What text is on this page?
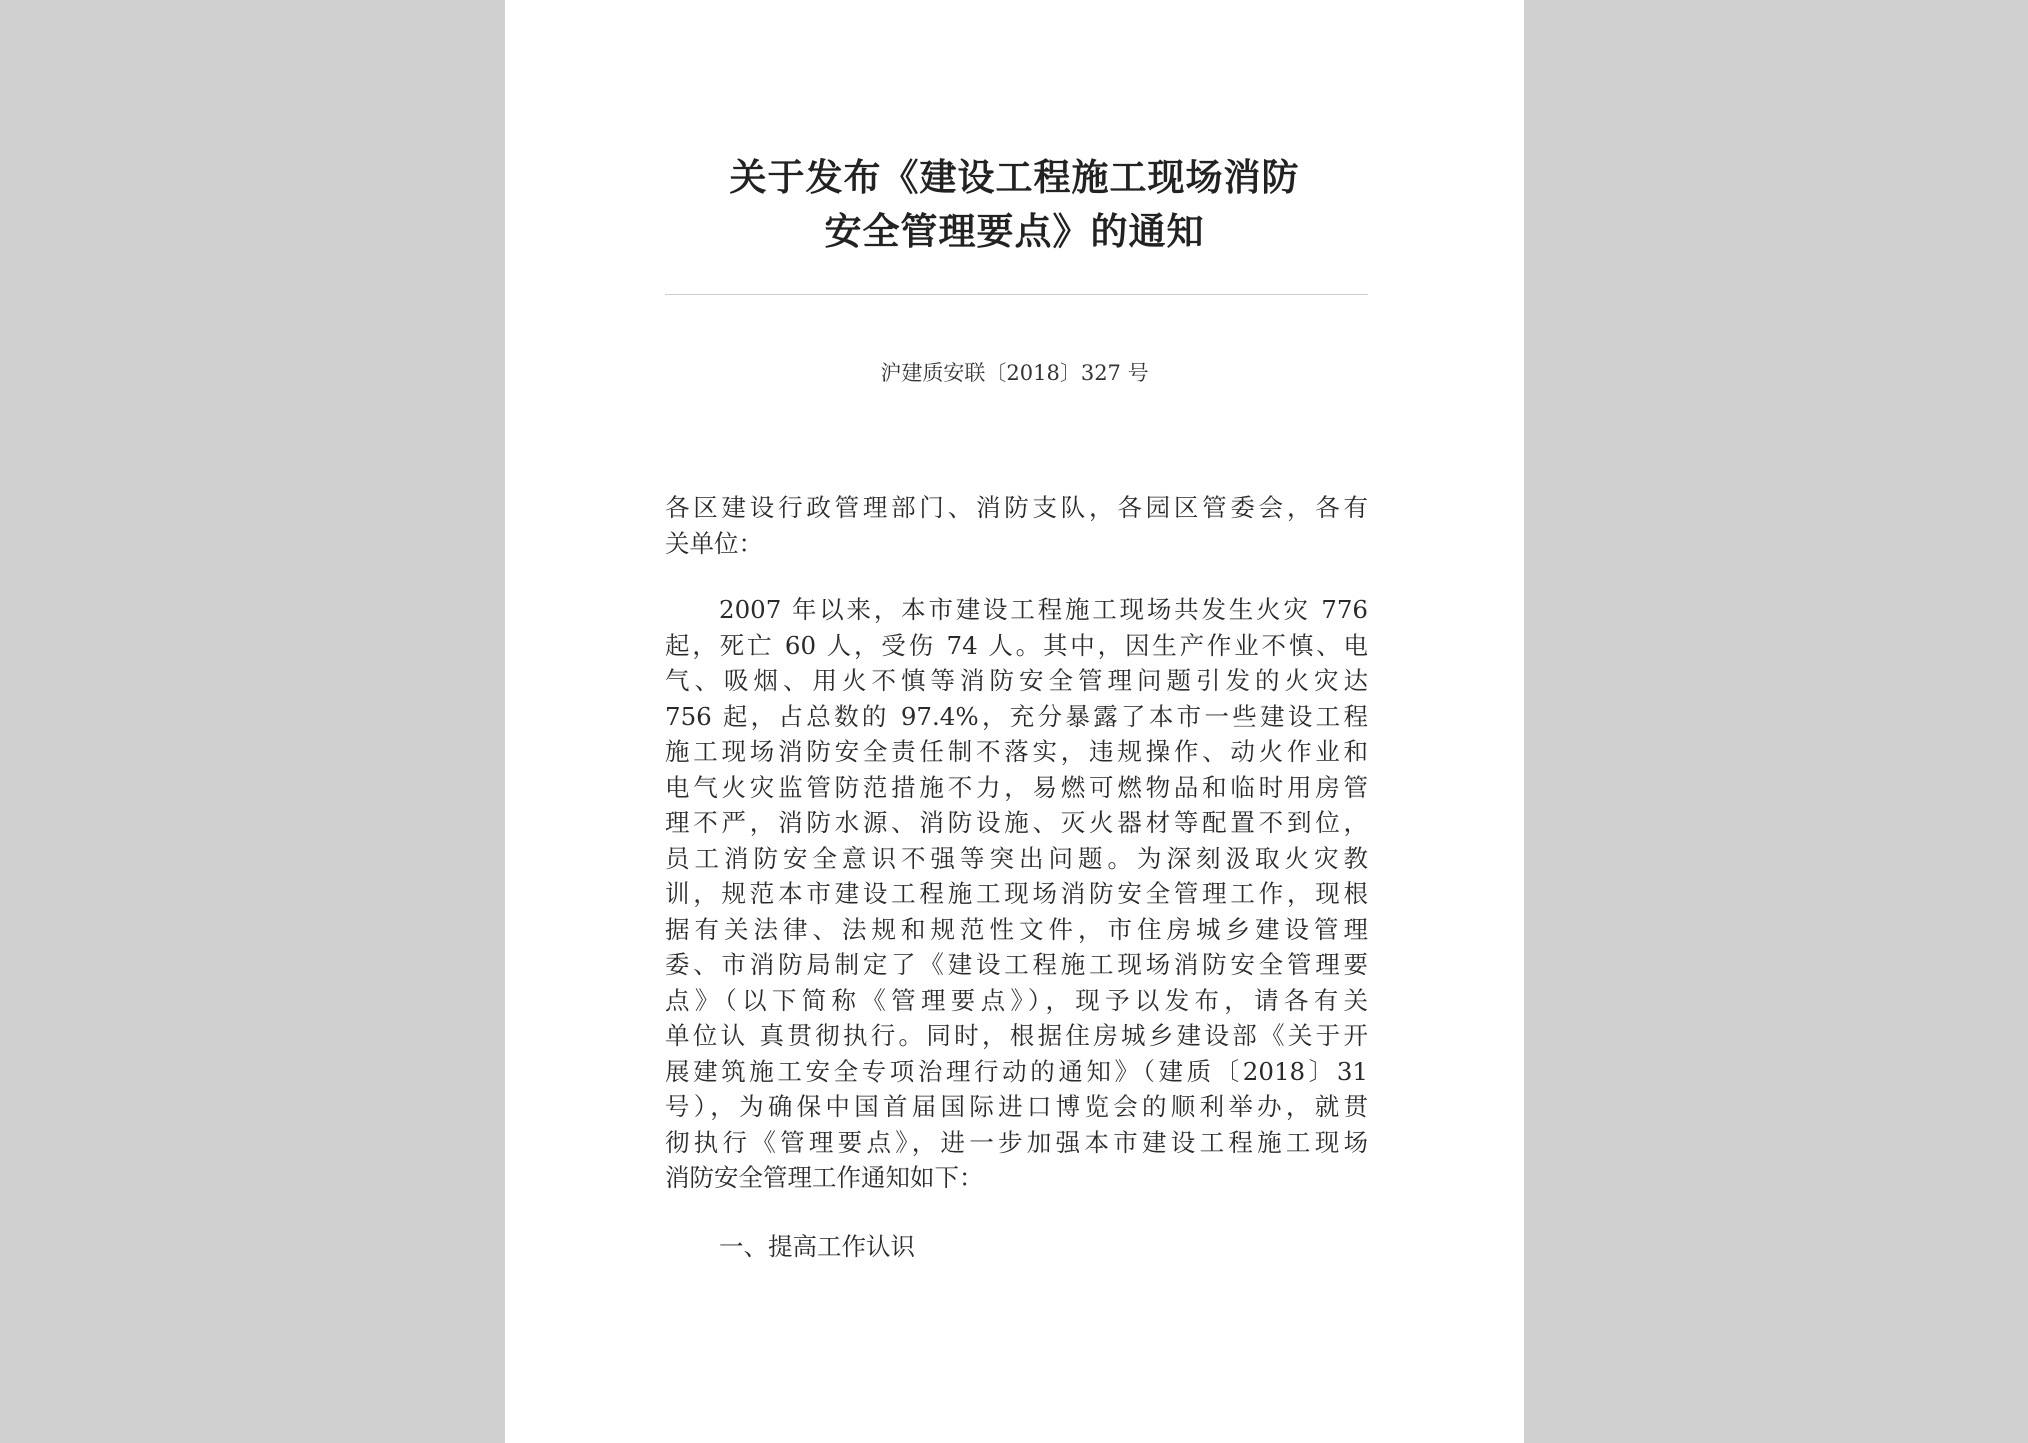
关于发布《建设工程施工现场消防
安全管理要点》的通知
沪建质安联〔2018〕327 号
各区建设行政管理部门、消防支队，各园区管委会，各有
关单位：
2007 年以来，本市建设工程施工现场共发生火灾 776
起，死亡 60 人，受伤 74 人。其中，因生产作业不慎、电
气、吸烟、用火不慎等消防安全管理问题引发的火灾达
756 起，占总数的 97.4%，充分暴露了本市一些建设工程
施工现场消防安全责任制不落实，违规操作、动火作业和
电气火灾监管防范措施不力，易燃可燃物品和临时用房管
理不严，消防水源、消防设施、灭火器材等配置不到位，
员工消防安全意识不强等突出问题。为深刻汲取火灾教
训，规范本市建设工程施工现场消防安全管理工作，现根
据有关法律、法规和规范性文件，市住房城乡建设管理
委、市消防局制定了《建设工程施工现场消防安全管理要
点》（以下简称《管理要点》），现予以发布，请各有关
单位认 真贯彻执行。同时，根据住房城乡建设部《关于开
展建筑施工安全专项治理行动的通知》（建质〔2018〕31
号），为确保中国首届国际进口博览会的顺利举办，就贯
彻执行《管理要点》，进一步加强本市建设工程施工现场
消防安全管理工作通知如下：
一、提高工作认识
